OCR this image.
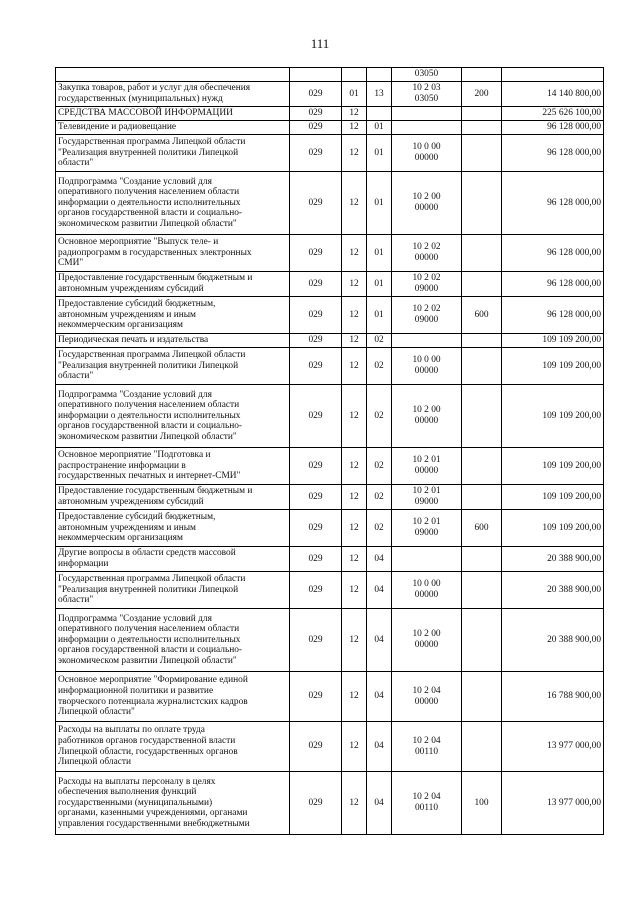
111
				03050		
Закупка товаров, работ и услуг для обеспечения
государственных (муниципальных) нужд	029	01	13	10 2 03
03050	200	14 140 800,00
СРЕДСТВА МАССОВОЙ ИНФОРМАЦИИ	029	12				225 626 100,00
Телевидение и радиовещание	029	12	01			96 128 000,00
Государственная программа Липецкой области
"Реализация внутренней политики Липецкой
области"	029	12	01	10 0 00
00000		96 128 000,00
Подпрограмма "Создание условий для
оперативного получения населением области
информации о деятельности исполнительных
органов государственной власти и социально-
экономическом развитии Липецкой области"	029	12	01	10 2 00
00000		96 128 000,00
Основное мероприятие "Выпуск теле- и
радиопрограмм в государственных электронных
СМИ"	029	12	01	10 2 02
00000		96 128 000,00
Предоставление государственным бюджетным и
автономным учреждениям субсидий	029	12	01	10 2 02
09000		96 128 000,00
Предоставление субсидий бюджетным,
автономным учреждениям и иным
некоммерческим организациям	029	12	01	10 2 02
09000	600	96 128 000,00
Периодическая печать и издательства	029	12	02			109 109 200,00
Государственная программа Липецкой области
"Реализация внутренней политики Липецкой
области"	029	12	02	10 0 00
00000		109 109 200,00
Подпрограмма "Создание условий для
оперативного получения населением области
информации о деятельности исполнительных
органов государственной власти и социально-
экономическом развитии Липецкой области"	029	12	02	10 2 00
00000		109 109 200,00
Основное мероприятие "Подготовка и
распространение информации в
государственных печатных и интернет-СМИ"	029	12	02	10 2 01
00000		109 109 200,00
Предоставление государственным бюджетным и
автономным учреждениям субсидий	029	12	02	10 2 01
09000		109 109 200,00
Предоставление субсидий бюджетным,
автономным учреждениям и иным
некоммерческим организациям	029	12	02	10 2 01
09000	600	109 109 200,00
Другие вопросы в области средств массовой
информации	029	12	04			20 388 900,00
Государственная программа Липецкой области
"Реализация внутренней политики Липецкой
области"	029	12	04	10 0 00
00000		20 388 900,00
Подпрограмма "Создание условий для
оперативного получения населением области
информации о деятельности исполнительных
органов государственной власти и социально-
экономическом развитии Липецкой области"	029	12	04	10 2 00
00000		20 388 900,00
Основное мероприятие "Формирование единой
информационной политики и развитие
творческого потенциала журналистских кадров
Липецкой области"	029	12	04	10 2 04
00000		16 788 900,00
Расходы на выплаты по оплате труда
работников органов государственной власти
Липецкой области, государственных органов
Липецкой области	029	12	04	10 2 04
00110		13 977 000,00
Расходы на выплаты персоналу в целях
обеспечения выполнения функций
государственными (муниципальными)
органами, казенными учреждениями, органами
управления государственными внебюджетными	029	12	04	10 2 04
00110	100	13 977 000,00
